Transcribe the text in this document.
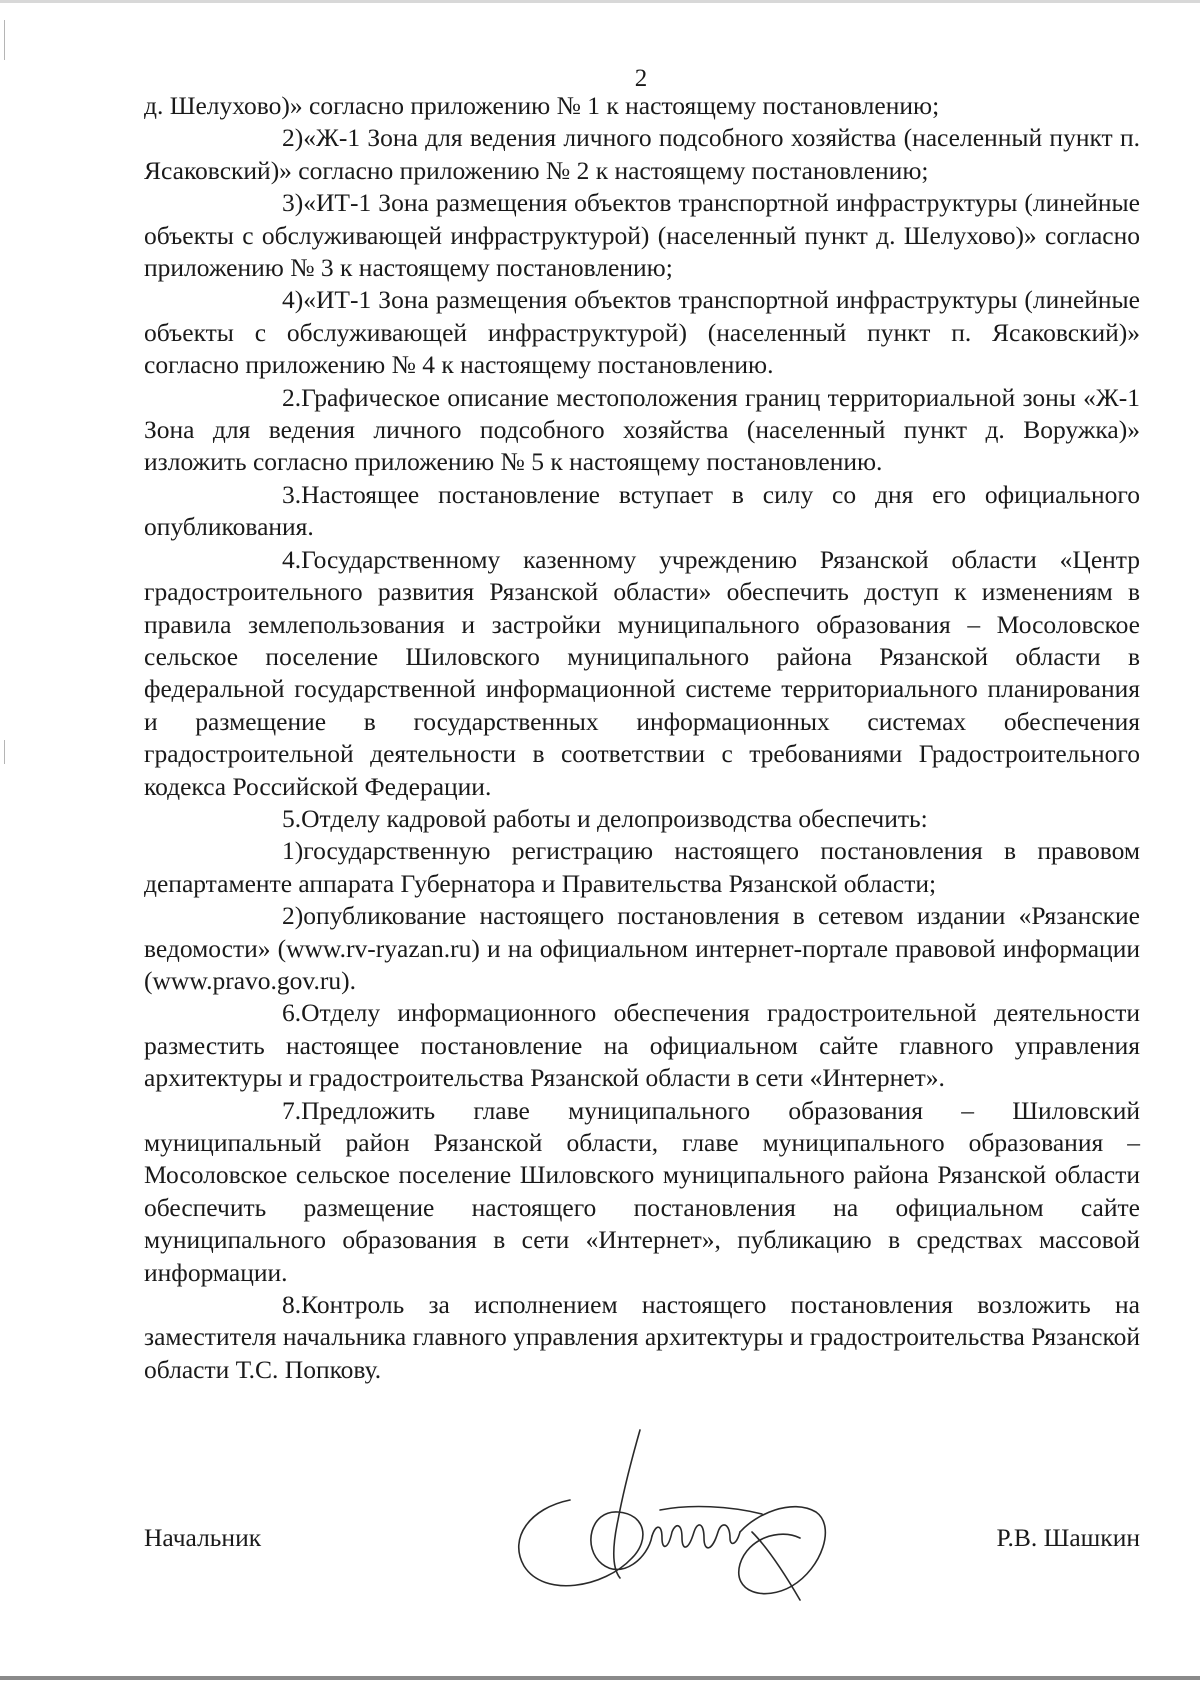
2

д. Шелухово)» согласно приложению № 1 к настоящему постановлению;

2)«Ж-1 Зона для ведения личного подсобного хозяйства (населенный пункт п. Ясаковский)» согласно приложению № 2 к настоящему постановлению;

3)«ИТ-1 Зона размещения объектов транспортной инфраструктуры (линейные объекты с обслуживающей инфраструктурой) (населенный пункт д. Шелухово)» согласно приложению № 3 к настоящему постановлению;

4)«ИТ-1 Зона размещения объектов транспортной инфраструктуры (линейные объекты с обслуживающей инфраструктурой) (населенный пункт п. Ясаковский)» согласно приложению № 4 к настоящему постановлению.

2.Графическое описание местоположения границ территориальной зоны «Ж-1 Зона для ведения личного подсобного хозяйства (населенный пункт д. Воружка)» изложить согласно приложению № 5 к настоящему постановлению.

3.Настоящее постановление вступает в силу со дня его официального опубликования.

4.Государственному казенному учреждению Рязанской области «Центр градостроительного развития Рязанской области» обеспечить доступ к изменениям в правила землепользования и застройки муниципального образования – Мосоловское сельское поселение Шиловского муниципального района Рязанской области в федеральной государственной информационной системе территориального планирования и размещение в государственных информационных системах обеспечения градостроительной деятельности в соответствии с требованиями Градостроительного кодекса Российской Федерации.

5.Отделу кадровой работы и делопроизводства обеспечить:

1)государственную регистрацию настоящего постановления в правовом департаменте аппарата Губернатора и Правительства Рязанской области;

2)опубликование настоящего постановления в сетевом издании «Рязанские ведомости» (www.rv-ryazan.ru) и на официальном интернет-портале правовой информации (www.pravo.gov.ru).

6.Отделу информационного обеспечения градостроительной деятельности разместить настоящее постановление на официальном сайте главного управления архитектуры и градостроительства Рязанской области в сети «Интернет».

7.Предложить главе муниципального образования – Шиловский муниципальный район Рязанской области, главе муниципального образования – Мосоловское сельское поселение Шиловского муниципального района Рязанской области обеспечить размещение настоящего постановления на официальном сайте муниципального образования в сети «Интернет», публикацию в средствах массовой информации.

8.Контроль за исполнением настоящего постановления возложить на заместителя начальника главного управления архитектуры и градостроительства Рязанской области Т.С. Попкову.

Начальник	Р.В. Шашкин
